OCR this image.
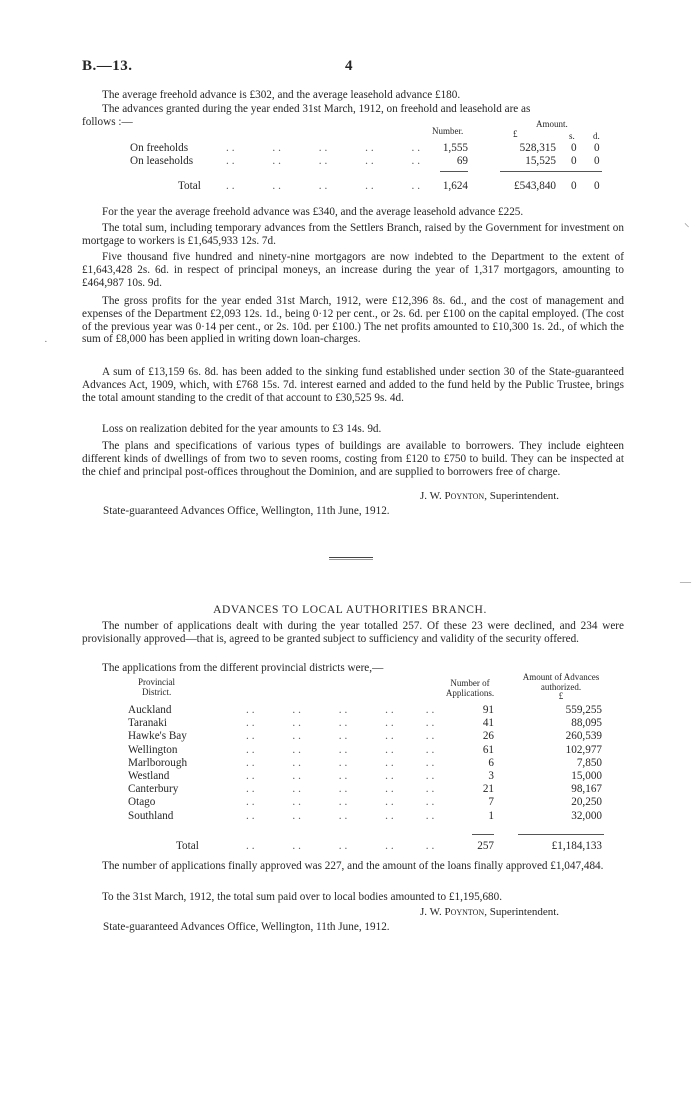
B.—13.	4

The average freehold advance is £302, and the average leasehold advance £180.

The advances granted during the year ended 31st March, 1912, on freehold and leasehold are as

follows :—

Number.
Amount.
£	s. d.
On freeholds	..      ..      ..      ..      ..	1,555	528,315 0 0
On leaseholds	..      ..      ..      ..      ..	69	15,525 0 0
Total ..      ..      ..      ..      ..	1,624	£543,840 0 0

For the year the average freehold advance was £340, and the average leasehold advance £225.

The total sum, including temporary advances from the Settlers Branch, raised by the Government for investment on mortgage to workers is £1,645,933 12s. 7d.

Five thousand five hundred and ninety-nine mortgagors are now indebted to the Department to the extent of £1,643,428 2s. 6d. in respect of principal moneys, an increase during the year of 1,317 mortgagors, amounting to £464,987 10s. 9d.

The gross profits for the year ended 31st March, 1912, were £12,396 8s. 6d., and the cost of management and expenses of the Department £2,093 12s. 1d., being 0·12 per cent., or 2s. 6d. per £100 on the capital employed. (The cost of the previous year was 0·14 per cent., or 2s. 10d. per £100.) The net profits amounted to £10,300 1s. 2d., of which the sum of £8,000 has been applied in writing down loan-charges.

A sum of £13,159 6s. 8d. has been added to the sinking fund established under section 30 of the State-guaranteed Advances Act, 1909, which, with £768 15s. 7d. interest earned and added to the fund held by the Public Trustee, brings the total amount standing to the credit of that account to £30,525 9s. 4d.

Loss on realization debited for the year amounts to £3 14s. 9d.

The plans and specifications of various types of buildings are available to borrowers. They include eighteen different kinds of dwellings of from two to seven rooms, costing from £120 to £750 to build. They can be inspected at the chief and principal post-offices throughout the Dominion, and are supplied to borrowers free of charge.

J. W. Poynton, Superintendent.
State-guaranteed Advances Office, Wellington, 11th June, 1912.
⸌
—
·
ADVANCES TO LOCAL AUTHORITIES BRANCH.

The number of applications dealt with during the year totalled 257. Of these 23 were declined, and 234 were provisionally approved—that is, agreed to be granted subject to sufficiency and validity of the security offered.

The applications from the different provincial districts were,—

Provincial
District.
Number of
Applications.
Amount of Advances
authorized.
£
Auckland	..      ..      ..      ..     ..	91	559,255
Taranaki	..      ..      ..      ..     ..	41	88,095
Hawke's Bay	..      ..      ..      ..     ..	26	260,539
Wellington	..      ..      ..      ..     ..	61	102,977
Marlborough	..      ..      ..      ..     ..	6	7,850
Westland	..      ..      ..      ..     ..	3	15,000
Canterbury	..      ..      ..      ..     ..	21	98,167
Otago	..      ..      ..      ..     ..	7	20,250
Southland	..      ..      ..      ..     ..	1	32,000
Total	..      ..      ..      ..     ..	257	£1,184,133

The number of applications finally approved was 227, and the amount of the loans finally approved £1,047,484.

To the 31st March, 1912, the total sum paid over to local bodies amounted to £1,195,680.

J. W. Poynton, Superintendent.
State-guaranteed Advances Office, Wellington, 11th June, 1912.
